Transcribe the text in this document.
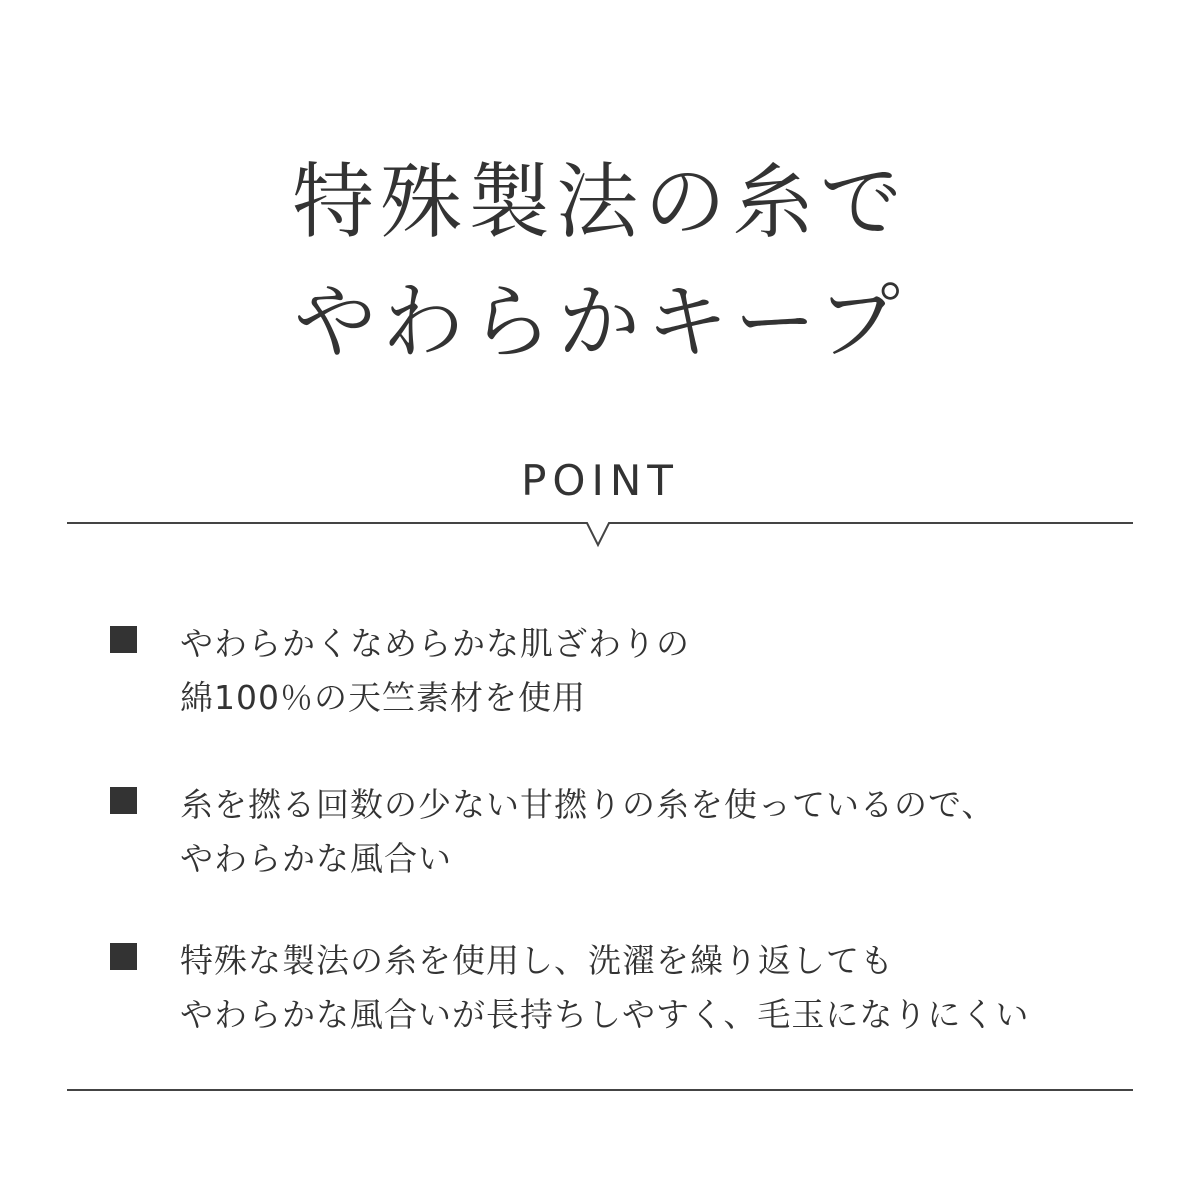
特殊製法の糸で
やわらかキープ
POINT
やわらかくなめらかな肌ざわりの
綿100％の天竺素材を使用
糸を撚る回数の少ない甘撚りの糸を使っているので、
やわらかな風合い
特殊な製法の糸を使用し、洗濯を繰り返しても
やわらかな風合いが長持ちしやすく、毛玉になりにくい
